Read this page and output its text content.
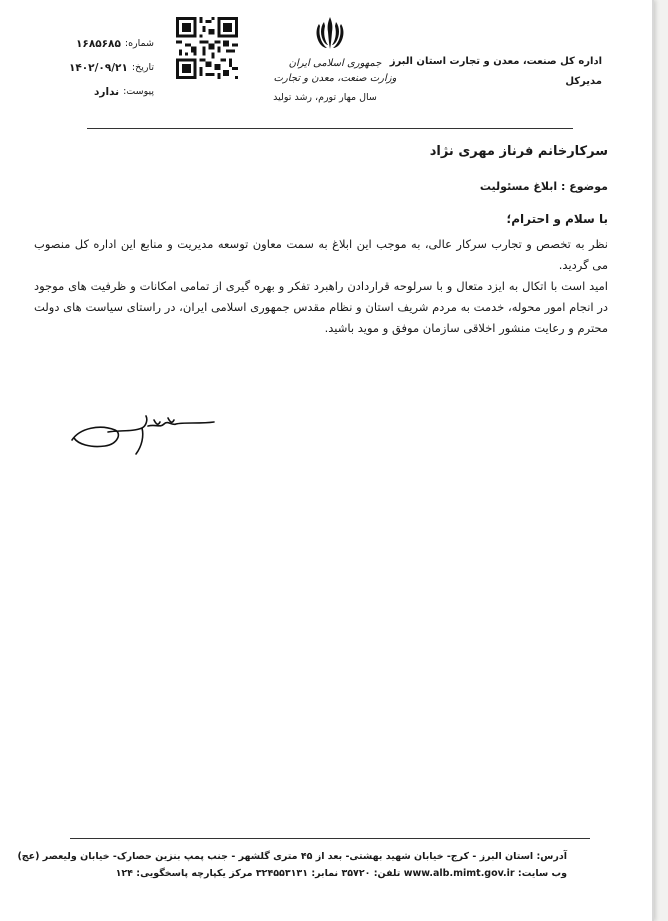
اداره کل صنعت، معدن و تجارت استان البرز
مدیرکل
جمهوری اسلامی ایران
وزارت صنعت، معدن و تجارت
سال مهار تورم، رشد تولید
شماره:
۱۶۸۵۶۸۵
تاریخ:
۱۴۰۲/۰۹/۲۱
پیوست:
ندارد
سرکارخانم فرناز مهری نژاد
موضوع : ابلاغ مسئولیت
با سلام و احترام؛
نظر به تخصص و تجارب سرکار عالی، به موجب این ابلاغ به سمت معاون توسعه مدیریت و منابع این اداره کل منصوب می گردید.
امید است با اتکال به ایزد متعال و با سرلوحه قراردادن راهبرد تفکر و بهره گیری از تمامی امکانات و ظرفیت های موجود در انجام امور محوله، خدمت به مردم شریف استان و نظام مقدس جمهوری اسلامی ایران، در راستای سیاست های دولت محترم و رعایت منشور اخلاقی سازمان موفق و موید باشید.
آدرس: استان البرز - کرج- خیابان شهید بهشتی- بعد از ۴۵ متری گلشهر - جنب پمپ بنزین حصارک- خیابان ولیعصر (عج)
وب سایت: www.alb.mimt.gov.ir تلفن: ۳۵۷۲۰ نمابر: ۳۲۴۵۵۳۱۳۱ مرکز یکپارچه پاسخگویی: ۱۲۴
